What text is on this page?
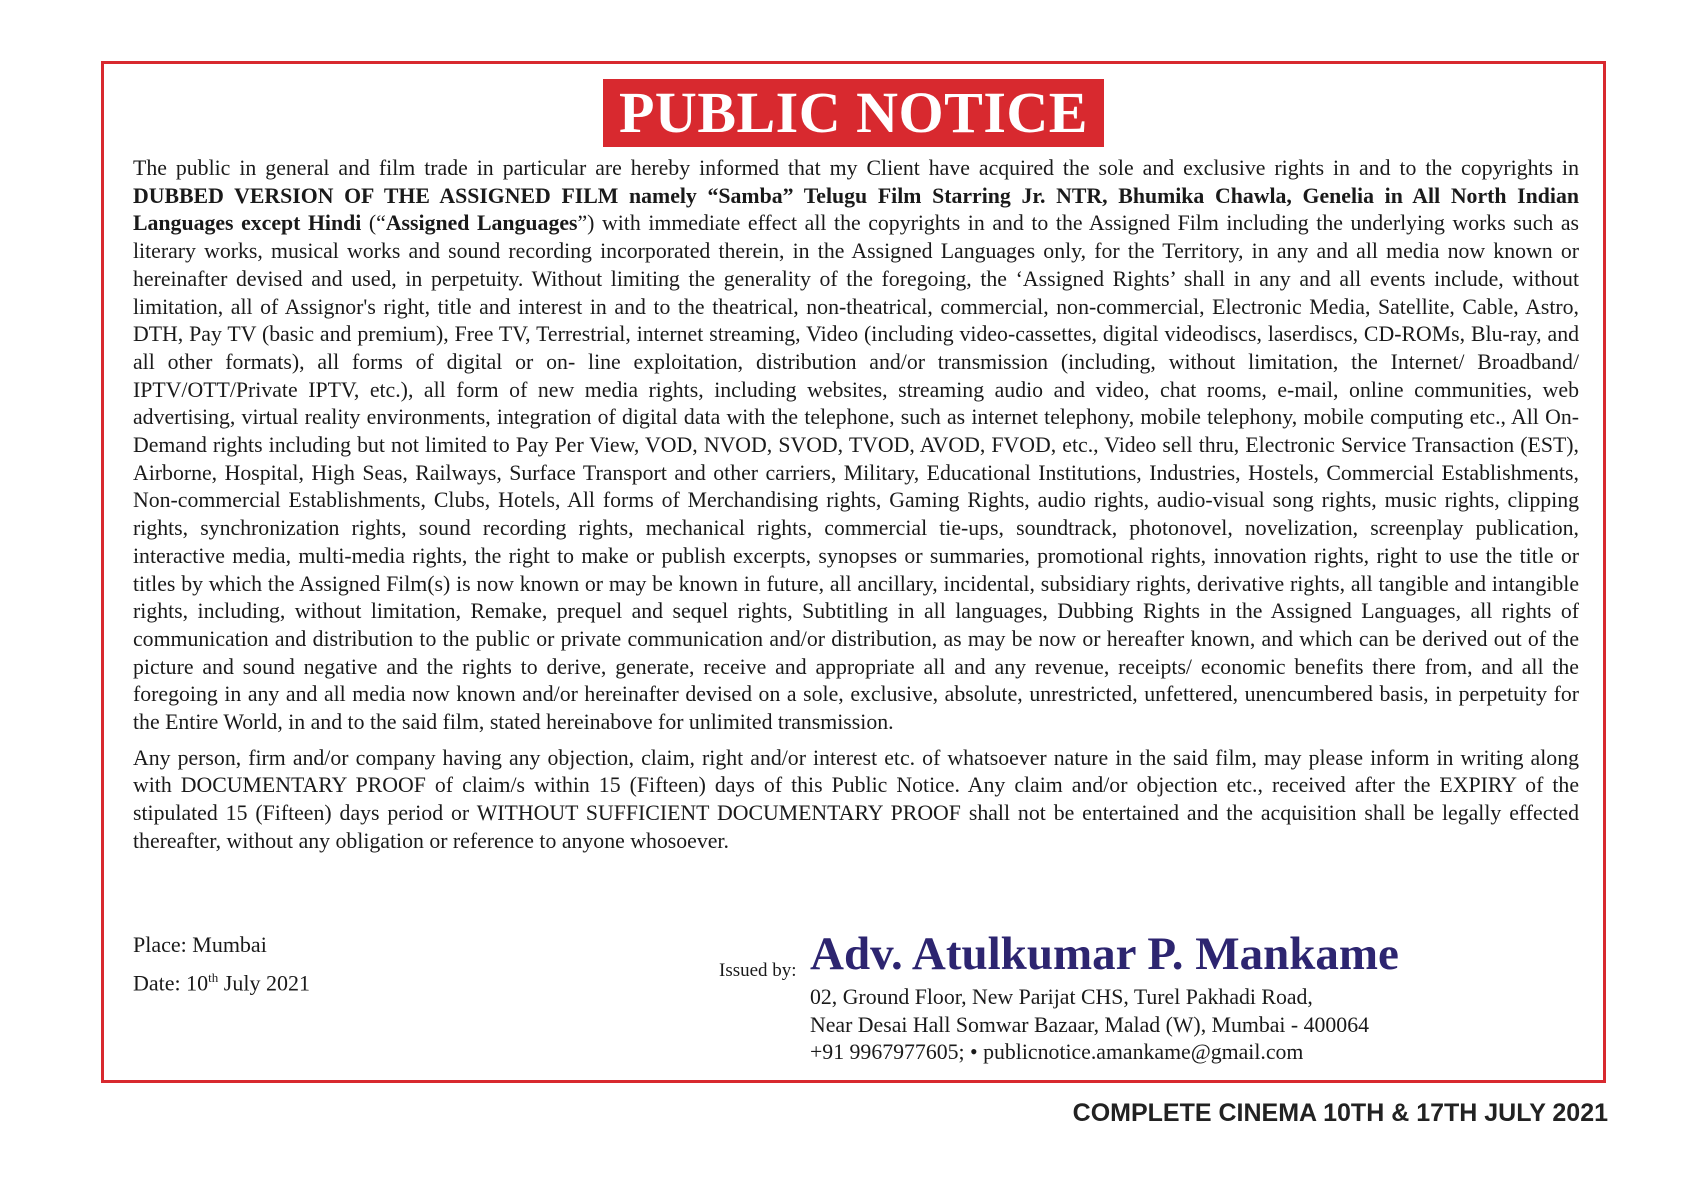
PUBLIC NOTICE

The public in general and film trade in particular are hereby informed that my Client have acquired the sole and exclusive rights in and to the copyrights in DUBBED VERSION OF THE ASSIGNED FILM namely “Samba” Telugu Film Starring Jr. NTR, Bhumika Chawla, Genelia in All North Indian Languages except Hindi (“Assigned Languages”) with immediate effect all the copyrights in and to the Assigned Film including the underlying works such as literary works, musical works and sound recording incorporated therein, in the Assigned Languages only, for the Territory, in any and all media now known or hereinafter devised and used, in perpetuity. Without limiting the generality of the foregoing, the ‘Assigned Rights’ shall in any and all events include, without limitation, all of Assignor's right, title and interest in and to the theatrical, non-theatrical, commercial, non-commercial, Electronic Media, Satellite, Cable, Astro, DTH, Pay TV (basic and premium), Free TV, Terrestrial, internet streaming, Video (including video-cassettes, digital videodiscs, laserdiscs, CD-ROMs, Blu-ray, and all other formats), all forms of digital or on- line exploitation, distribution and/or transmission (including, without limitation, the Internet/ Broadband/ IPTV/OTT/Private IPTV, etc.), all form of new media rights, including websites, streaming audio and video, chat rooms, e-mail, online communities, web advertising, virtual reality environments, integration of digital data with the telephone, such as internet telephony, mobile telephony, mobile computing etc., All On-Demand rights including but not limited to Pay Per View, VOD, NVOD, SVOD, TVOD, AVOD, FVOD, etc., Video sell thru, Electronic Service Transaction (EST), Airborne, Hospital, High Seas, Railways, Surface Transport and other carriers, Military, Educational Institutions, Industries, Hostels, Commercial Establishments, Non-commercial Establishments, Clubs, Hotels, All forms of Merchandising rights, Gaming Rights, audio rights, audio-visual song rights, music rights, clipping rights, synchronization rights, sound recording rights, mechanical rights, commercial tie-ups, soundtrack, photonovel, novelization, screenplay publication, interactive media, multi-media rights, the right to make or publish excerpts, synopses or summaries, promotional rights, innovation rights, right to use the title or titles by which the Assigned Film(s) is now known or may be known in future, all ancillary, incidental, subsidiary rights, derivative rights, all tangible and intangible rights, including, without limitation, Remake, prequel and sequel rights, Subtitling in all languages, Dubbing Rights in the Assigned Languages, all rights of communication and distribution to the public or private communication and/or distribution, as may be now or hereafter known, and which can be derived out of the picture and sound negative and the rights to derive, generate, receive and appropriate all and any revenue, receipts/ economic benefits there from, and all the foregoing in any and all media now known and/or hereinafter devised on a sole, exclusive, absolute, unrestricted, unfettered, unencumbered basis, in perpetuity for the Entire World, in and to the said film, stated hereinabove for unlimited transmission.

Any person, firm and/or company having any objection, claim, right and/or interest etc. of whatsoever nature in the said film, may please inform in writing along with DOCUMENTARY PROOF of claim/s within 15 (Fifteen) days of this Public Notice. Any claim and/or objection etc., received after the EXPIRY of the stipulated 15 (Fifteen) days period or WITHOUT SUFFICIENT DOCUMENTARY PROOF shall not be entertained and the acquisition shall be legally effected thereafter, without any obligation or reference to anyone whosoever.

Place: Mumbai
Date: 10th July 2021	Issued by: Adv. Atulkumar P. Mankame
02, Ground Floor, New Parijat CHS, Turel Pakhadi Road,
Near Desai Hall Somwar Bazaar, Malad (W), Mumbai - 400064
+91 9967977605; • publicnotice.amankame@gmail.com
COMPLETE CINEMA 10TH & 17TH JULY 2021
